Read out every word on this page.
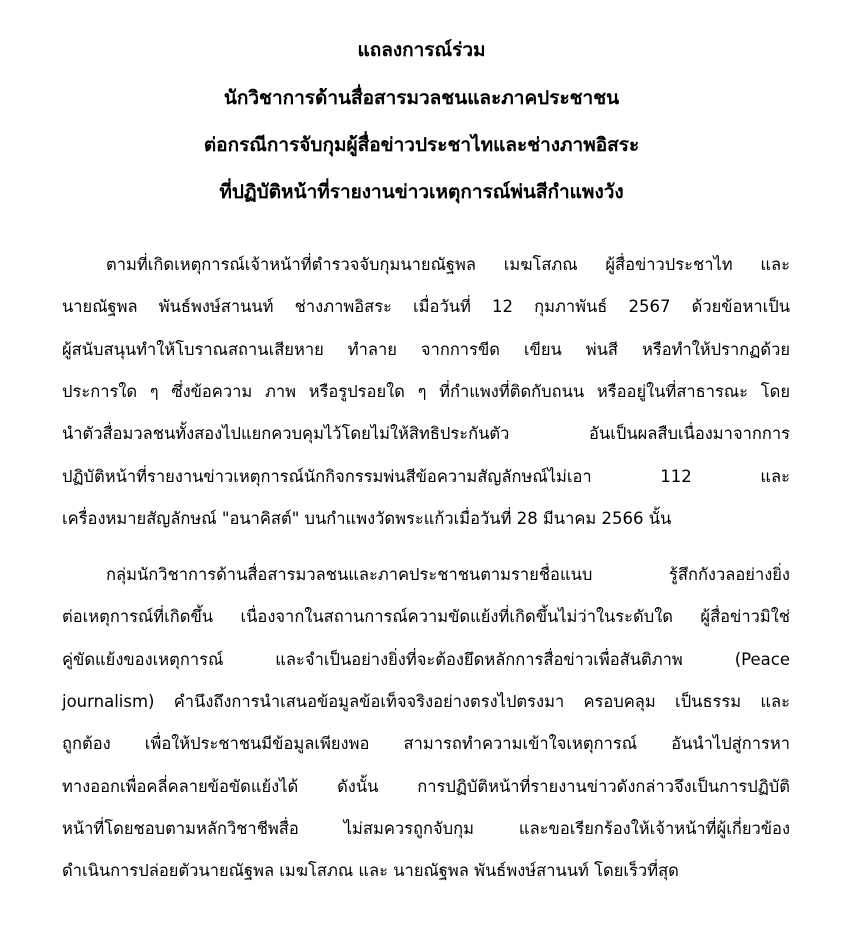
แถลงการณ์ร่วม
นักวิชาการด้านสื่อสารมวลชนและภาคประชาชน
ต่อกรณีการจับกุมผู้สื่อข่าวประชาไทและช่างภาพอิสระ
ที่ปฏิบัติหน้าที่รายงานข่าวเหตุการณ์พ่นสีกำแพงวัง
ตามที่เกิดเหตุการณ์เจ้าหน้าที่ตำรวจจับกุมนายณัฐพล เมฆโสภณ ผู้สื่อข่าวประชาไท และ
นายณัฐพล พันธ์พงษ์สานนท์ ช่างภาพอิสระ เมื่อวันที่ 12 กุมภาพันธ์ 2567 ด้วยข้อหาเป็น
ผู้สนับสนุนทำให้โบราณสถานเสียหาย ทำลาย จากการขีด เขียน พ่นสี หรือทำให้ปรากฏด้วย
ประการใด ๆ ซึ่งข้อความ ภาพ หรือรูปรอยใด ๆ ที่กำแพงที่ติดกับถนน หรืออยู่ในที่สาธารณะ โดย
นำตัวสื่อมวลชนทั้งสองไปแยกควบคุมไว้โดยไม่ให้สิทธิประกันตัว อันเป็นผลสืบเนื่องมาจากการ
ปฏิบัติหน้าที่รายงานข่าวเหตุการณ์นักกิจกรรมพ่นสีข้อความสัญลักษณ์ไม่เอา 112 และ
เครื่องหมายสัญลักษณ์ "อนาคิสต์" บนกำแพงวัดพระแก้วเมื่อวันที่ 28 มีนาคม 2566 นั้น
กลุ่มนักวิชาการด้านสื่อสารมวลชนและภาคประชาชนตามรายชื่อแนบ รู้สึกกังวลอย่างยิ่ง
ต่อเหตุการณ์ที่เกิดขึ้น เนื่องจากในสถานการณ์ความขัดแย้งที่เกิดขึ้นไม่ว่าในระดับใด ผู้สื่อข่าวมิใช่
คู่ขัดแย้งของเหตุการณ์ และจำเป็นอย่างยิ่งที่จะต้องยึดหลักการสื่อข่าวเพื่อสันติภาพ (Peace
journalism) คำนึงถึงการนำเสนอข้อมูลข้อเท็จจริงอย่างตรงไปตรงมา ครอบคลุม เป็นธรรม และ
ถูกต้อง เพื่อให้ประชาชนมีข้อมูลเพียงพอ สามารถทำความเข้าใจเหตุการณ์ อันนำไปสู่การหา
ทางออกเพื่อคลี่คลายข้อขัดแย้งได้ ดังนั้น การปฏิบัติหน้าที่รายงานข่าวดังกล่าวจึงเป็นการปฏิบัติ
หน้าที่โดยชอบตามหลักวิชาชีพสื่อ ไม่สมควรถูกจับกุม และขอเรียกร้องให้เจ้าหน้าที่ผู้เกี่ยวข้อง
ดำเนินการปล่อยตัวนายณัฐพล เมฆโสภณ และ นายณัฐพล พันธ์พงษ์สานนท์ โดยเร็วที่สุด
